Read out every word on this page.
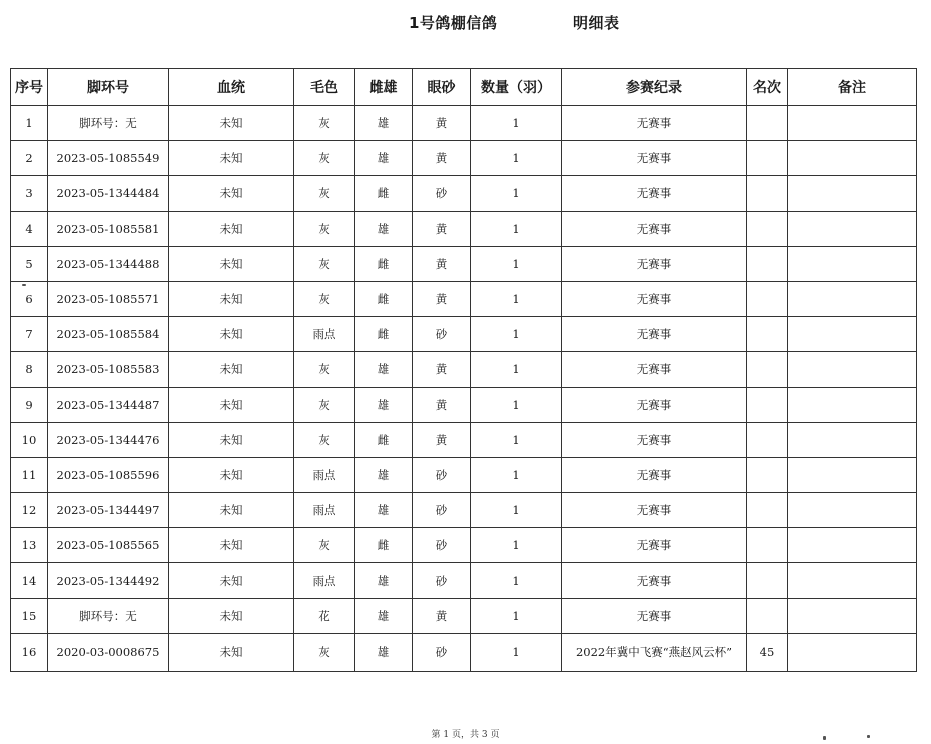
1号鸽棚信鸽	明细表
序号	脚环号	血统	毛色	雌雄	眼砂	数量（羽）	参赛纪录	名次	备注
1	脚环号：无	未知	灰	雄	黄	1	无赛事		
2	2023-05-1085549	未知	灰	雄	黄	1	无赛事		
3	2023-05-1344484	未知	灰	雌	砂	1	无赛事		
4	2023-05-1085581	未知	灰	雄	黄	1	无赛事		
5	2023-05-1344488	未知	灰	雌	黄	1	无赛事		
6	2023-05-1085571	未知	灰	雌	黄	1	无赛事		
7	2023-05-1085584	未知	雨点	雌	砂	1	无赛事		
8	2023-05-1085583	未知	灰	雄	黄	1	无赛事		
9	2023-05-1344487	未知	灰	雄	黄	1	无赛事		
10	2023-05-1344476	未知	灰	雌	黄	1	无赛事		
11	2023-05-1085596	未知	雨点	雄	砂	1	无赛事		
12	2023-05-1344497	未知	雨点	雄	砂	1	无赛事		
13	2023-05-1085565	未知	灰	雌	砂	1	无赛事		
14	2023-05-1344492	未知	雨点	雄	砂	1	无赛事		
15	脚环号：无	未知	花	雄	黄	1	无赛事		
16	2020-03-0008675	未知	灰	雄	砂	1	2022年冀中飞赛“燕赵风云杯”	45	
第 1 页，共 3 页
